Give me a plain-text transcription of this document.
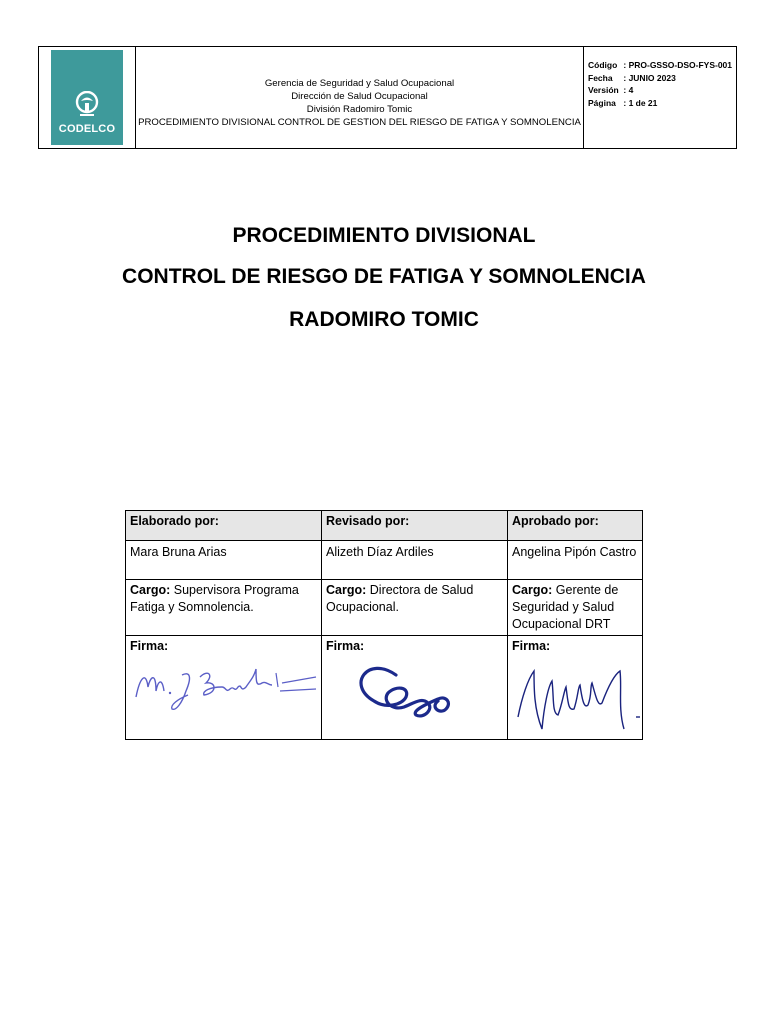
CODELCO
Gerencia de Seguridad y Salud Ocupacional
Dirección de Salud Ocupacional
División Radomiro Tomic
PROCEDIMIENTO DIVISIONAL CONTROL DE GESTION DEL RIESGO DE FATIGA Y SOMNOLENCIA
Código : PRO-GSSO-DSO-FYS-001
Fecha : JUNIO 2023
Versión : 4
Página : 1 de 21
PROCEDIMIENTO DIVISIONAL
CONTROL DE RIESGO DE FATIGA Y SOMNOLENCIA
RADOMIRO TOMIC
Elaborado por:	Revisado por:	Aprobado por:
Mara Bruna Arias	Alizeth Díaz Ardiles	Angelina Pipón Castro
Cargo: Supervisora Programa Fatiga y Somnolencia.	Cargo: Directora de Salud Ocupacional.	Cargo: Gerente de Seguridad y Salud Ocupacional DRT

Firma:	Firma:	Firma:
